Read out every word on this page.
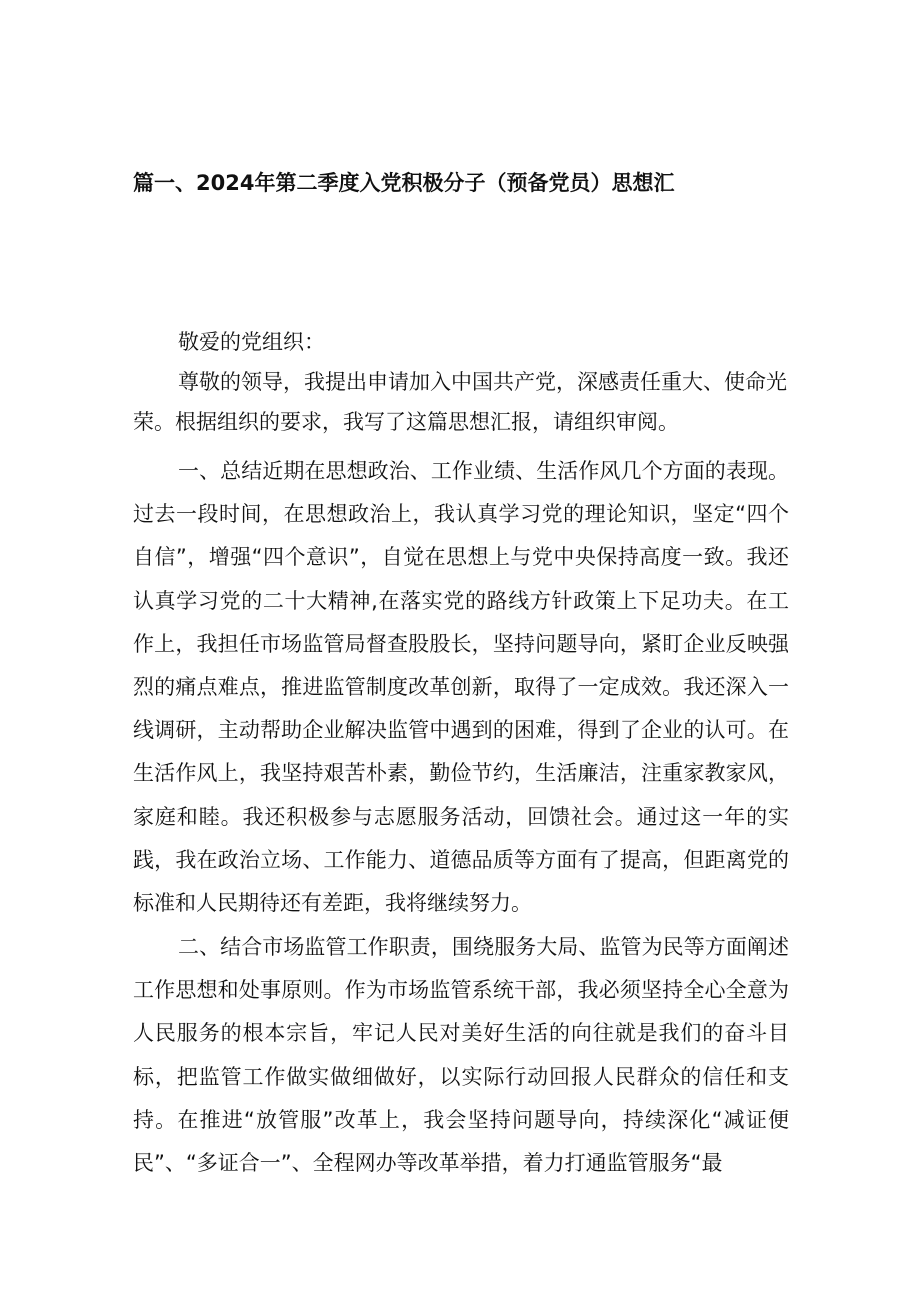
篇一、2024年第二季度入党积极分子（预备党员）思想汇
敬爱的党组织：

尊敬的领导，我提出申请加入中国共产党，深感责任重大、使命光荣。根据组织的要求，我写了这篇思想汇报，请组织审阅。

一、总结近期在思想政治、工作业绩、生活作风几个方面的表现。过去一段时间，在思想政治上，我认真学习党的理论知识，坚定“四个自信”，增强“四个意识”，自觉在思想上与党中央保持高度一致。我还认真学习党的二十大精神,在落实党的路线方针政策上下足功夫。在工作上，我担任市场监管局督查股股长，坚持问题导向，紧盯企业反映强烈的痛点难点，推进监管制度改革创新，取得了一定成效。我还深入一线调研，主动帮助企业解决监管中遇到的困难，得到了企业的认可。在生活作风上，我坚持艰苦朴素，勤俭节约，生活廉洁，注重家教家风，家庭和睦。我还积极参与志愿服务活动，回馈社会。通过这一年的实践，我在政治立场、工作能力、道德品质等方面有了提高，但距离党的标准和人民期待还有差距，我将继续努力。

二、结合市场监管工作职责，围绕服务大局、监管为民等方面阐述工作思想和处事原则。作为市场监管系统干部，我必须坚持全心全意为人民服务的根本宗旨，牢记人民对美好生活的向往就是我们的奋斗目标，把监管工作做实做细做好，以实际行动回报人民群众的信任和支持。在推进“放管服”改革上，我会坚持问题导向，持续深化“减证便民”、“多证合一”、全程网办等改革举措，着力打通监管服务“最
